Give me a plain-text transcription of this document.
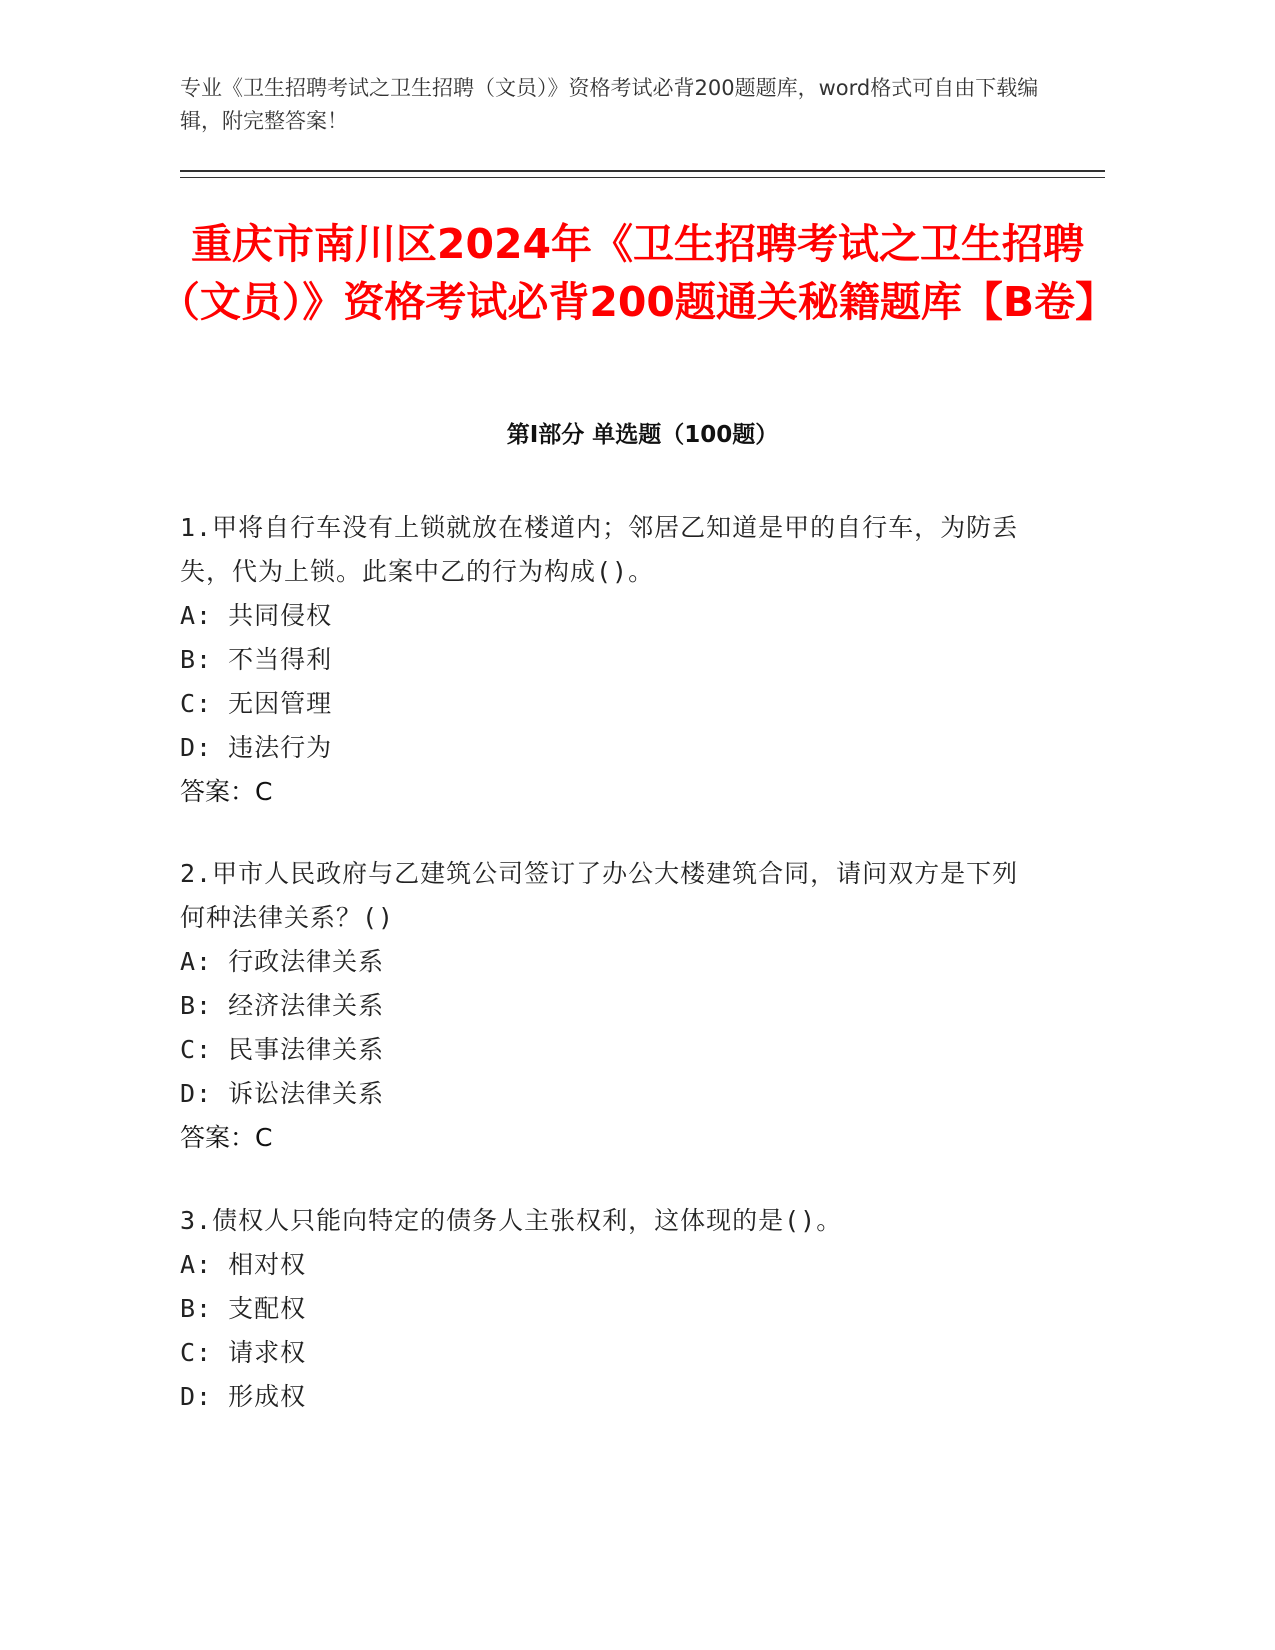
专业《卫生招聘考试之卫生招聘（文员）》资格考试必背200题题库，word格式可自由下载编辑，附完整答案！
重庆市南川区2024年《卫生招聘考试之卫生招聘（文员）》资格考试必背200题通关秘籍题库【B卷】
第I部分 单选题（100题）
1.甲将自行车没有上锁就放在楼道内；邻居乙知道是甲的自行车，为防丢失，代为上锁。此案中乙的行为构成()。
A: 共同侵权
B: 不当得利
C: 无因管理
D: 违法行为
答案：C
2.甲市人民政府与乙建筑公司签订了办公大楼建筑合同，请问双方是下列何种法律关系？()
A: 行政法律关系
B: 经济法律关系
C: 民事法律关系
D: 诉讼法律关系
答案：C
3.债权人只能向特定的债务人主张权利，这体现的是()。
A: 相对权
B: 支配权
C: 请求权
D: 形成权
